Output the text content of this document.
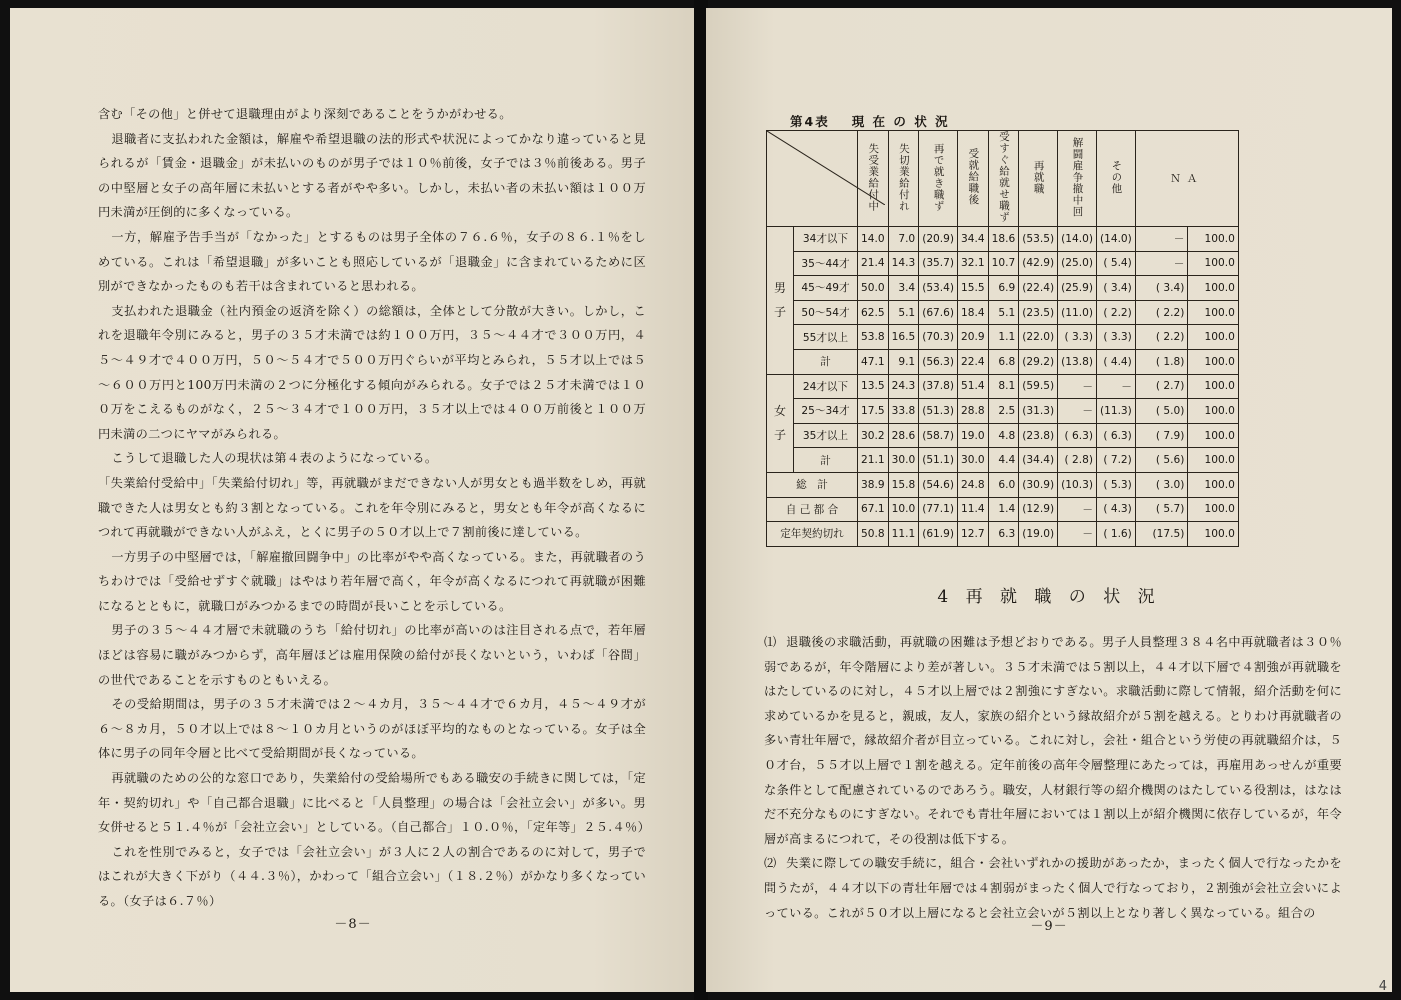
含む「その他」と併せて退職理由がより深刻であることをうかがわせる。

退職者に支払われた金額は，解雇や希望退職の法的形式や状況によってかなり違っていると見られるが「賃金・退職金」が未払いのものが男子では１０％前後，女子では３％前後ある。男子の中堅層と女子の高年層に未払いとする者がやや多い。しかし，未払い者の未払い額は１００万円未満が圧倒的に多くなっている。

一方，解雇予告手当が「なかった」とするものは男子全体の７６.６％，女子の８６.１％をしめている。これは「希望退職」が多いことも照応しているが「退職金」に含まれているために区別ができなかったものも若干は含まれていると思われる。

支払われた退職金（社内預金の返済を除く）の総額は，全体として分散が大きい。しかし，これを退職年令別にみると，男子の３５才未満では約１００万円，３５～４４才で３００万円，４５～４９才で４００万円，５０～５４才で５００万円ぐらいが平均とみられ，５５才以上では５～６００万円と100万円未満の２つに分極化する傾向がみられる。女子では２５才未満では１００万をこえるものがなく，２５～３４才で１００万円，３５才以上では４００万前後と１００万円未満の二つにヤマがみられる。

こうして退職した人の現状は第４表のようになっている。

「失業給付受給中」「失業給付切れ」等，再就職がまだできない人が男女とも過半数をしめ，再就職できた人は男女とも約３割となっている。これを年令別にみると，男女とも年令が高くなるにつれて再就職ができない人がふえ，とくに男子の５０才以上で７割前後に達している。

一方男子の中堅層では，「解雇撤回闘争中」の比率がやや高くなっている。また，再就職者のうちわけでは「受給せずすぐ就職」はやはり若年層で高く，年令が高くなるにつれて再就職が困難になるとともに，就職口がみつかるまでの時間が長いことを示している。

男子の３５～４４才層で未就職のうち「給付切れ」の比率が高いのは注目される点で，若年層ほどは容易に職がみつからず，高年層ほどは雇用保険の給付が長くないという，いわば「谷間」の世代であることを示すものともいえる。

その受給期間は，男子の３５才未満では２～４カ月，３５～４４才で６カ月，４５～４９才が６～８カ月，５０才以上では８～１０カ月というのがほぼ平均的なものとなっている。女子は全体に男子の同年令層と比べて受給期間が長くなっている。

再就職のための公的な窓口であり，失業給付の受給場所でもある職安の手続きに関しては，「定年・契約切れ」や「自己都合退職」に比べると「人員整理」の場合は「会社立会い」が多い。男女併せると５１.４％が「会社立会い」としている。（自己都合」１０.０％，「定年等」２５.４％）

これを性別でみると，女子では「会社立会い」が３人に２人の割合であるのに対して，男子ではこれが大きく下がり（４４.３％），かわって「組合立会い」（１８.２％）がかなり多くなっている。（女子は６.７％）

－8－
第4表 現 在 の 状 況
	失受業給付中	失切業給付れ	再で就き職ず	受就給職後	受すぐ給就せ職ず	再就職	解闘雇争撤中回	その他	ＮＡ	

男
子	34才以下	14.0	7.0	(20.9)	34.4	18.6	(53.5)	(14.0)	(14.0)	－	100.0
	35～44才	21.4	14.3	(35.7)	32.1	10.7	(42.9)	(25.0)	( 5.4)	－	100.0
	45～49才	50.0	3.4	(53.4)	15.5	6.9	(22.4)	(25.9)	( 3.4)	( 3.4)	100.0
	50～54才	62.5	5.1	(67.6)	18.4	5.1	(23.5)	(11.0)	( 2.2)	( 2.2)	100.0
	55才以上	53.8	16.5	(70.3)	20.9	1.1	(22.0)	( 3.3)	( 3.3)	( 2.2)	100.0
	計	47.1	9.1	(56.3)	22.4	6.8	(29.2)	(13.8)	( 4.4)	( 1.8)	100.0

女
子	24才以下	13.5	24.3	(37.8)	51.4	8.1	(59.5)	－	－	( 2.7)	100.0
	25～34才	17.5	33.8	(51.3)	28.8	2.5	(31.3)	－	(11.3)	( 5.0)	100.0
	35才以上	30.2	28.6	(58.7)	19.0	4.8	(23.8)	( 6.3)	( 6.3)	( 7.9)	100.0
	計	21.1	30.0	(51.1)	30.0	4.4	(34.4)	( 2.8)	( 7.2)	( 5.6)	100.0
総　計		38.9	15.8	(54.6)	24.8	6.0	(30.9)	(10.3)	( 5.3)	( 3.0)	100.0
自 己 都 合		67.1	10.0	(77.1)	11.4	1.4	(12.9)	－	( 4.3)	( 5.7)	100.0
定年契約切れ		50.8	11.1	(61.9)	12.7	6.3	(19.0)	－	( 1.6)	(17.5)	100.0
4 再 就 職 の 状 況

⑴ 退職後の求職活動，再就職の困難は予想どおりである。男子人員整理３８４名中再就職者は３０％弱であるが，年令階層により差が著しい。３５才未満では５割以上，４４才以下層で４割強が再就職をはたしているのに対し，４５才以上層では２割強にすぎない。求職活動に際して情報，紹介活動を何に求めているかを見ると，親戚，友人，家族の紹介という縁故紹介が５割を越える。とりわけ再就職者の多い青壮年層で，縁故紹介者が目立っている。これに対し，会社・組合という労使の再就職紹介は，５０才台，５５才以上層で１割を越える。定年前後の高年令層整理にあたっては，再雇用あっせんが重要な条件として配慮されているのであろう。職安，人材銀行等の紹介機関のはたしている役割は，はなはだ不充分なものにすぎない。それでも青壮年層においては１割以上が紹介機関に依存しているが，年令層が高まるにつれて，その役割は低下する。

⑵ 失業に際しての職安手続に，組合・会社いずれかの援助があったか，まったく個人で行なったかを問うたが，４４才以下の青壮年層では４割弱がまったく個人で行なっており，２割強が会社立会いによっている。これが５０才以上層になると会社立会いが５割以上となり著しく異なっている。組合の

－9－
4
